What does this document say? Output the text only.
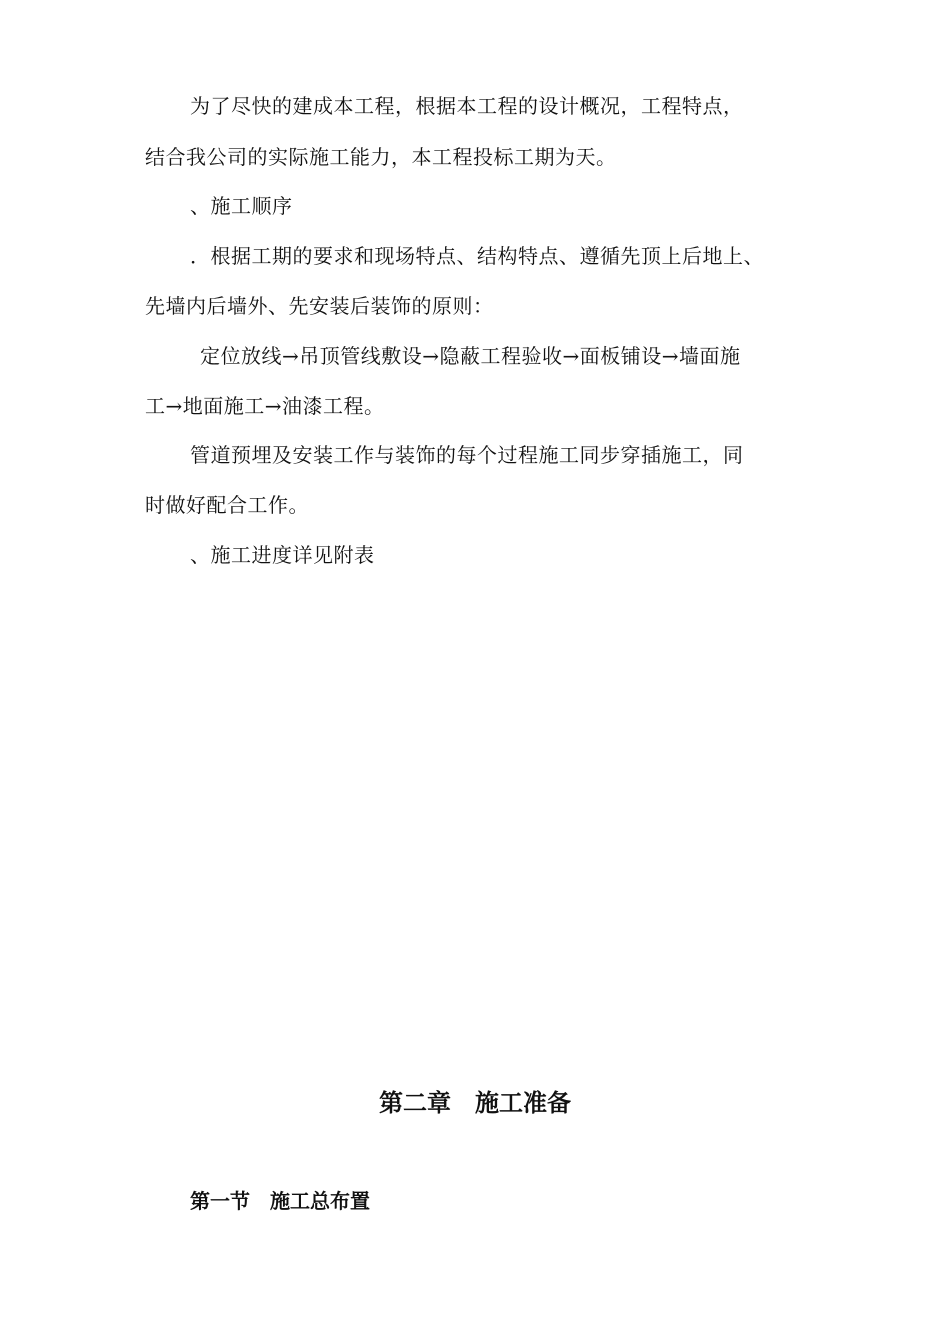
为了尽快的建成本工程，根据本工程的设计概况，工程特点，
结合我公司的实际施工能力，本工程投标工期为天。
、施工顺序
．根据工期的要求和现场特点、结构特点、遵循先顶上后地上、
先墙内后墙外、先安装后装饰的原则：
定位放线→吊顶管线敷设→隐蔽工程验收→面板铺设→墙面施
工→地面施工→油漆工程。
管道预埋及安装工作与装饰的每个过程施工同步穿插施工，同
时做好配合工作。
、施工进度详见附表
第二章　施工准备
第一节　施工总布置
